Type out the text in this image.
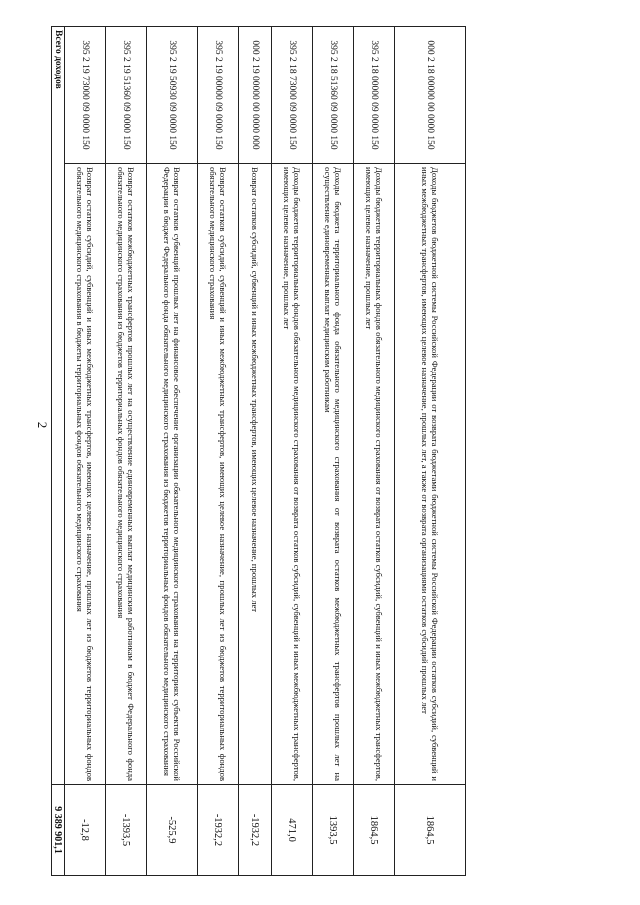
2
000 2 18 00000 00 0000 150	Доходы бюджетов бюджетной системы Российской Федерации от возврата бюджетами бюджетной системы Российской Федерации остатков субсидий, субвенций и иных межбюджетных трансфертов, имеющих целевое назначение, прошлых лет, а также от возврата организациями остатков субсидий прошлых лет	1864,5
395 2 18 00000 09 0000 150	Доходы бюджетов территориальных фондов обязательного медицинского страхования от возврата остатков субсидий, субвенций и иных межбюджетных трансфертов, имеющих целевое назначение, прошлых лет	1864,5
395 2 18 51360 09 0000 150	Доходы бюджета территориального фонда обязательного медицинского страхования от возврата остатков межбюджетных трансфертов прошлых лет на осуществление единовременных выплат медицинским работникам	1393,5
395 2 18 73000 09 0000 150	Доходы бюджетов территориальных фондов обязательного медицинского страхования от возврата остатков субсидий, субвенций и иных межбюджетных трансфертов, имеющих целевое назначение, прошлых лет	471,0
000 2 19 00000 00 0000 000	Возврат остатков субсидий, субвенций и иных межбюджетных трансфертов, имеющих целевое назначение, прошлых лет	-1932,2
395 2 19 00000 09 0000 150	Возврат остатков субсидий, субвенций и иных межбюджетных трансфертов, имеющих целевое назначение, прошлых лет из бюджетов территориальных фондов обязательного медицинского страхования	-1932,2
395 2 19 50930 09 0000 150	Возврат остатков субвенций прошлых лет на финансовое обеспечение организации обязательного медицинского страхования на территориях субъектов Российской Федерации в бюджет Федерального фонда обязательного медицинского страхования из бюджетов территориальных фондов обязательного медицинского страхования	-525,9
395 2 19 51360 09 0000 150	Возврат остатков межбюджетных трансфертов прошлых лет на осуществление единовременных выплат медицинским работникам в бюджет Федерального фонда обязательного медицинского страхования из бюджетов территориальных фондов обязательного медицинского страхования	-1393,5
395 2 19 73000 09 0000 150	Возврат остатков субсидий, субвенций и иных межбюджетных трансфертов, имеющих целевое назначение, прошлых лет из бюджетов территориальных фондов обязательного медицинского страхования в бюджеты территориальных фондов обязательного медицинского страхования	-12,8
Всего доходов		9 389 901,1
